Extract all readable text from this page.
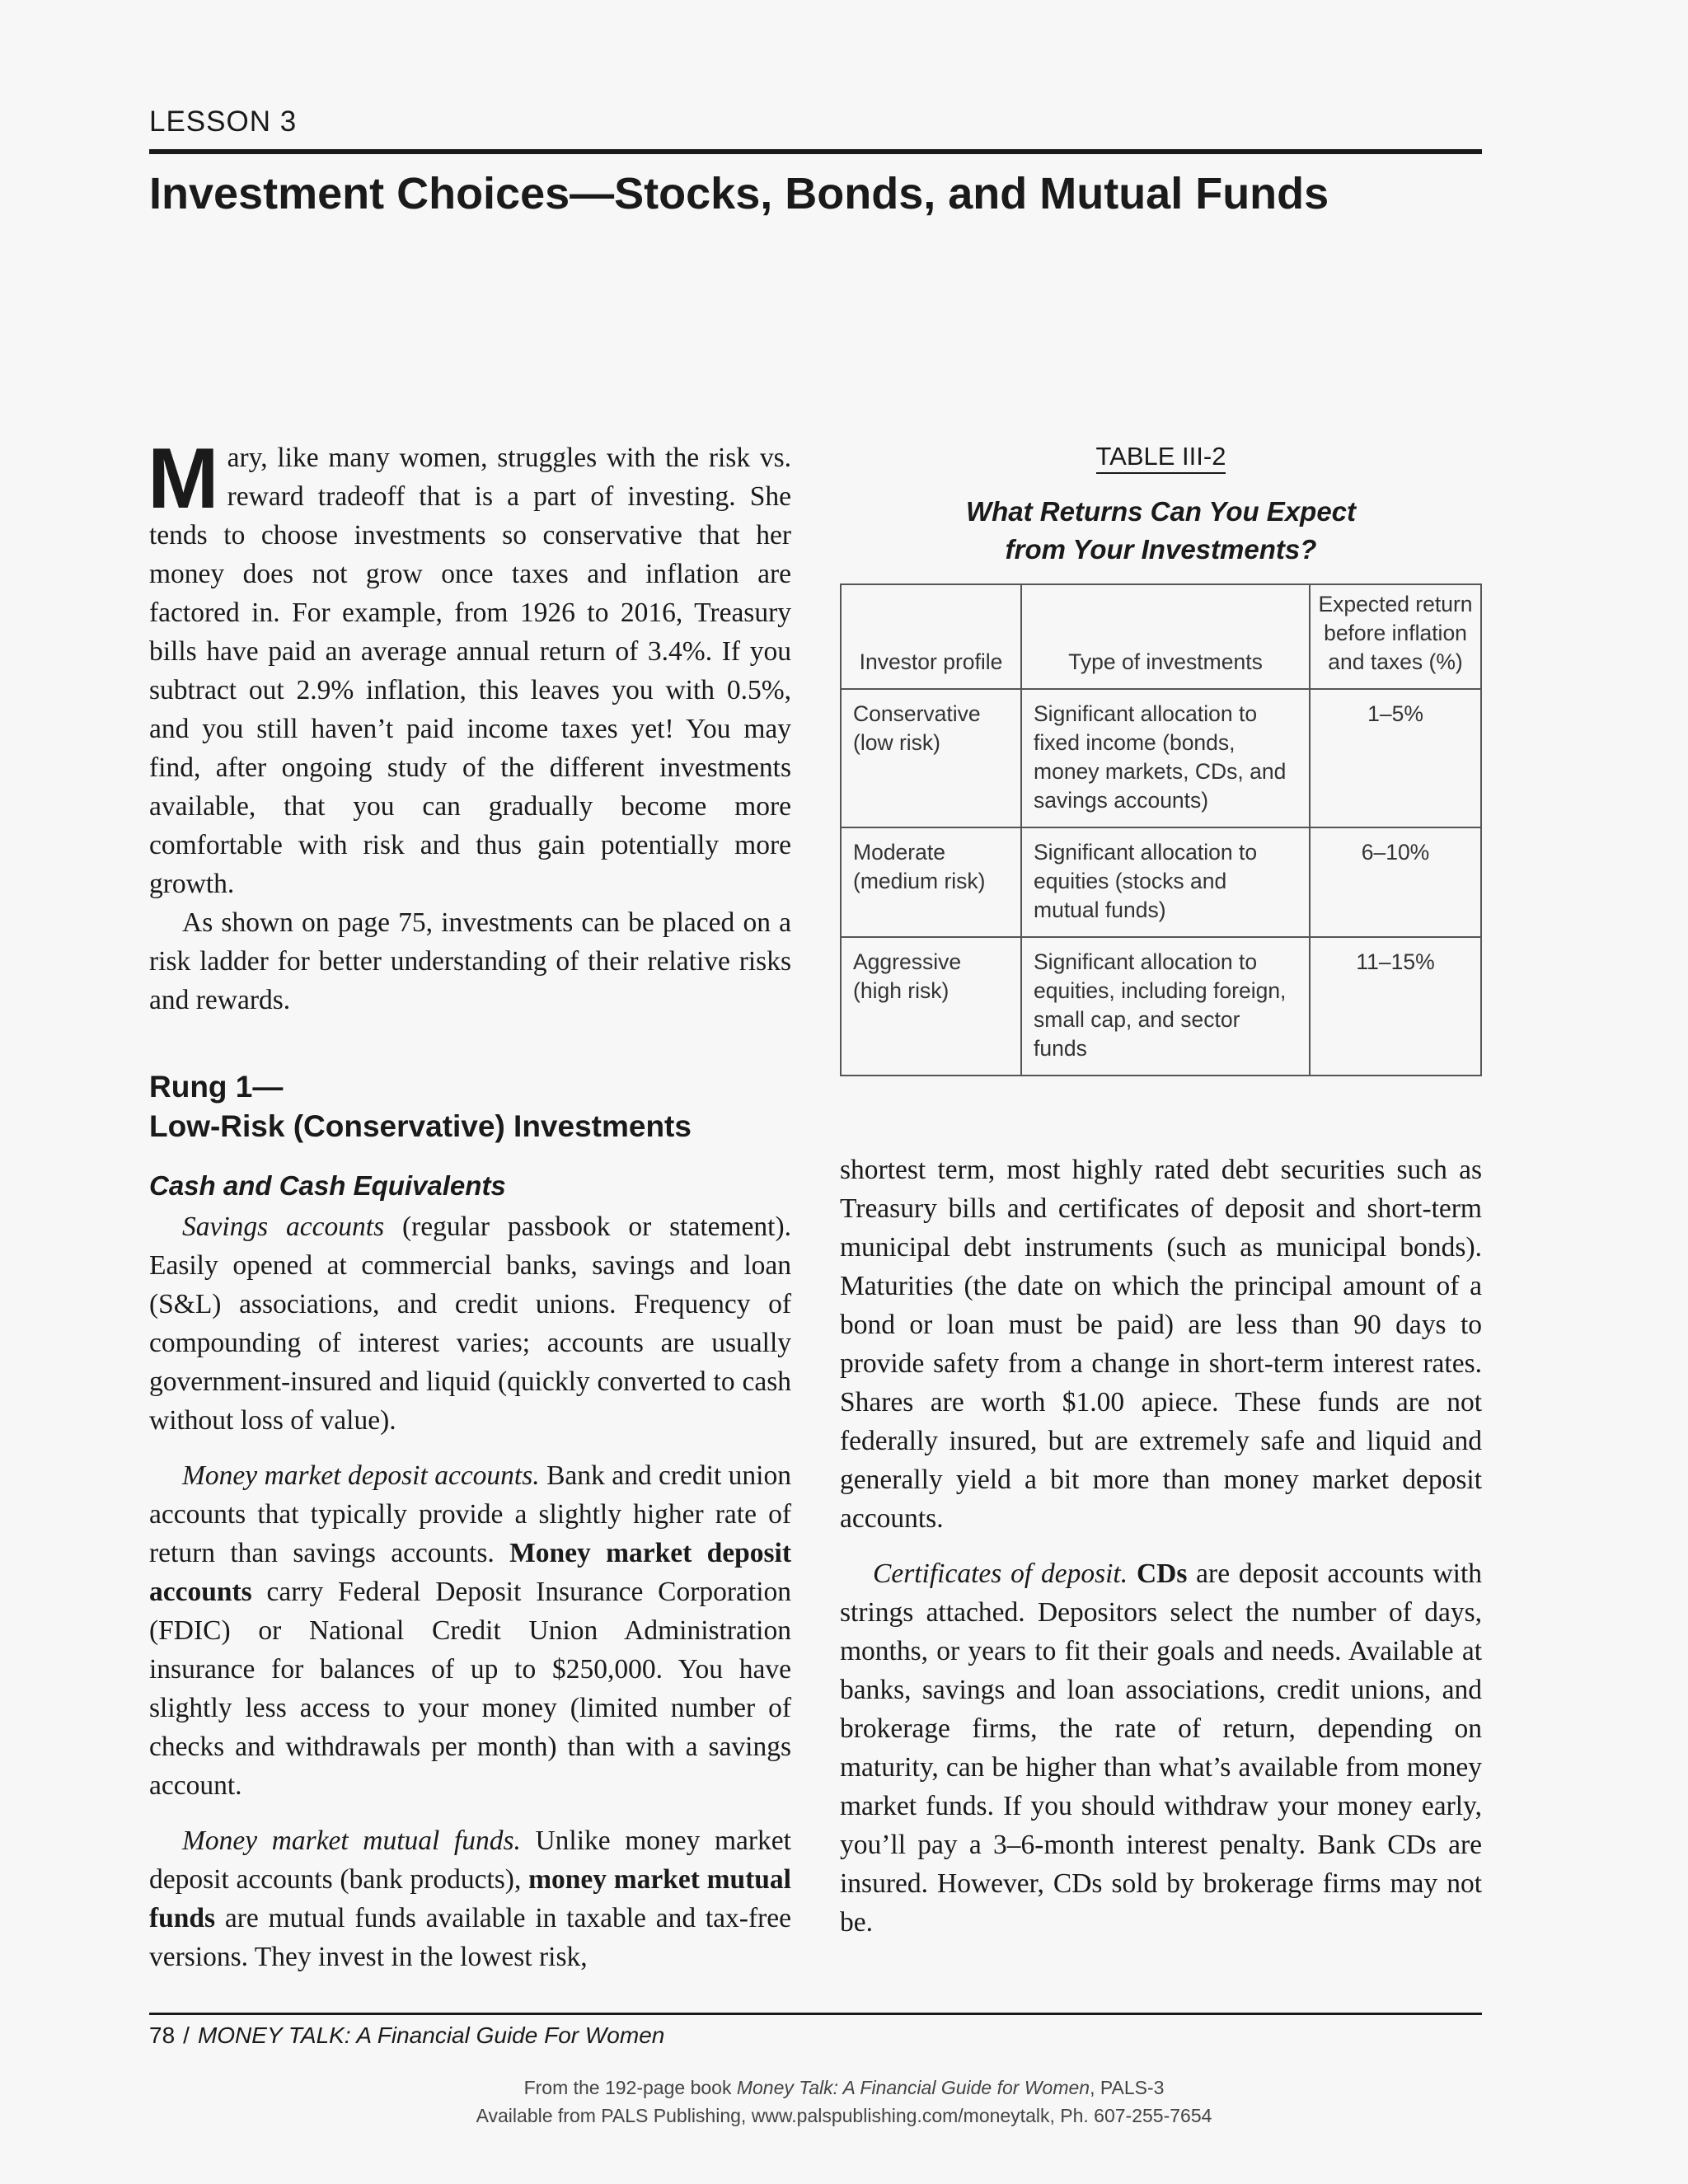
LESSON 3
Investment Choices—Stocks, Bonds, and Mutual Funds

Mary, like many women, struggles with the risk vs. reward tradeoff that is a part of investing. She tends to choose investments so conservative that her money does not grow once taxes and inflation are factored in. For example, from 1926 to 2016, Treasury bills have paid an average annual return of 3.4%. If you subtract out 2.9% inflation, this leaves you with 0.5%, and you still haven’t paid income taxes yet! You may find, after ongoing study of the different investments available, that you can gradually become more comfortable with risk and thus gain potentially more growth.

As shown on page 75, investments can be placed on a risk ladder for better understanding of their relative risks and rewards.

Rung 1—
Low-Risk (Conservative) Investments
Cash and Cash Equivalents

Savings accounts (regular passbook or statement). Easily opened at commercial banks, savings and loan (S&L) associations, and credit unions. Frequency of compounding of interest varies; accounts are usually government-insured and liquid (quickly converted to cash without loss of value).

Money market deposit accounts. Bank and credit union accounts that typically provide a slightly higher rate of return than savings accounts. Money market deposit accounts carry Federal Deposit Insurance Corporation (FDIC) or National Credit Union Administration insurance for balances of up to $250,000. You have slightly less access to your money (limited number of checks and withdrawals per month) than with a savings account.

Money market mutual funds. Unlike money market deposit accounts (bank products), money market mutual funds are mutual funds available in taxable and tax-free versions. They invest in the lowest risk,

TABLE III-2
What Returns Can You Expect
from Your Investments?
Investor profile	Type of investments	Expected return before inflation and taxes (%)
Conservative (low risk)	Significant allocation to fixed income (bonds, money markets, CDs, and savings accounts)	1–5%
Moderate (medium risk)	Significant allocation to equities (stocks and mutual funds)	6–10%
Aggressive (high risk)	Significant allocation to equities, including foreign, small cap, and sector funds	11–15%

shortest term, most highly rated debt securities such as Treasury bills and certificates of deposit and short-term municipal debt instruments (such as municipal bonds). Maturities (the date on which the principal amount of a bond or loan must be paid) are less than 90 days to provide safety from a change in short-term interest rates. Shares are worth $1.00 apiece. These funds are not federally insured, but are extremely safe and liquid and generally yield a bit more than money market deposit accounts.

Certificates of deposit. CDs are deposit accounts with strings attached. Depositors select the number of days, months, or years to fit their goals and needs. Available at banks, savings and loan associations, credit unions, and brokerage firms, the rate of return, depending on maturity, can be higher than what’s available from money market funds. If you should withdraw your money early, you’ll pay a 3–6-month interest penalty. Bank CDs are insured. However, CDs sold by brokerage firms may not be.

78 / MONEY TALK: A Financial Guide For Women
From the 192-page book Money Talk: A Financial Guide for Women, PALS-3
Available from PALS Publishing, www.palspublishing.com/moneytalk, Ph. 607-255-7654
